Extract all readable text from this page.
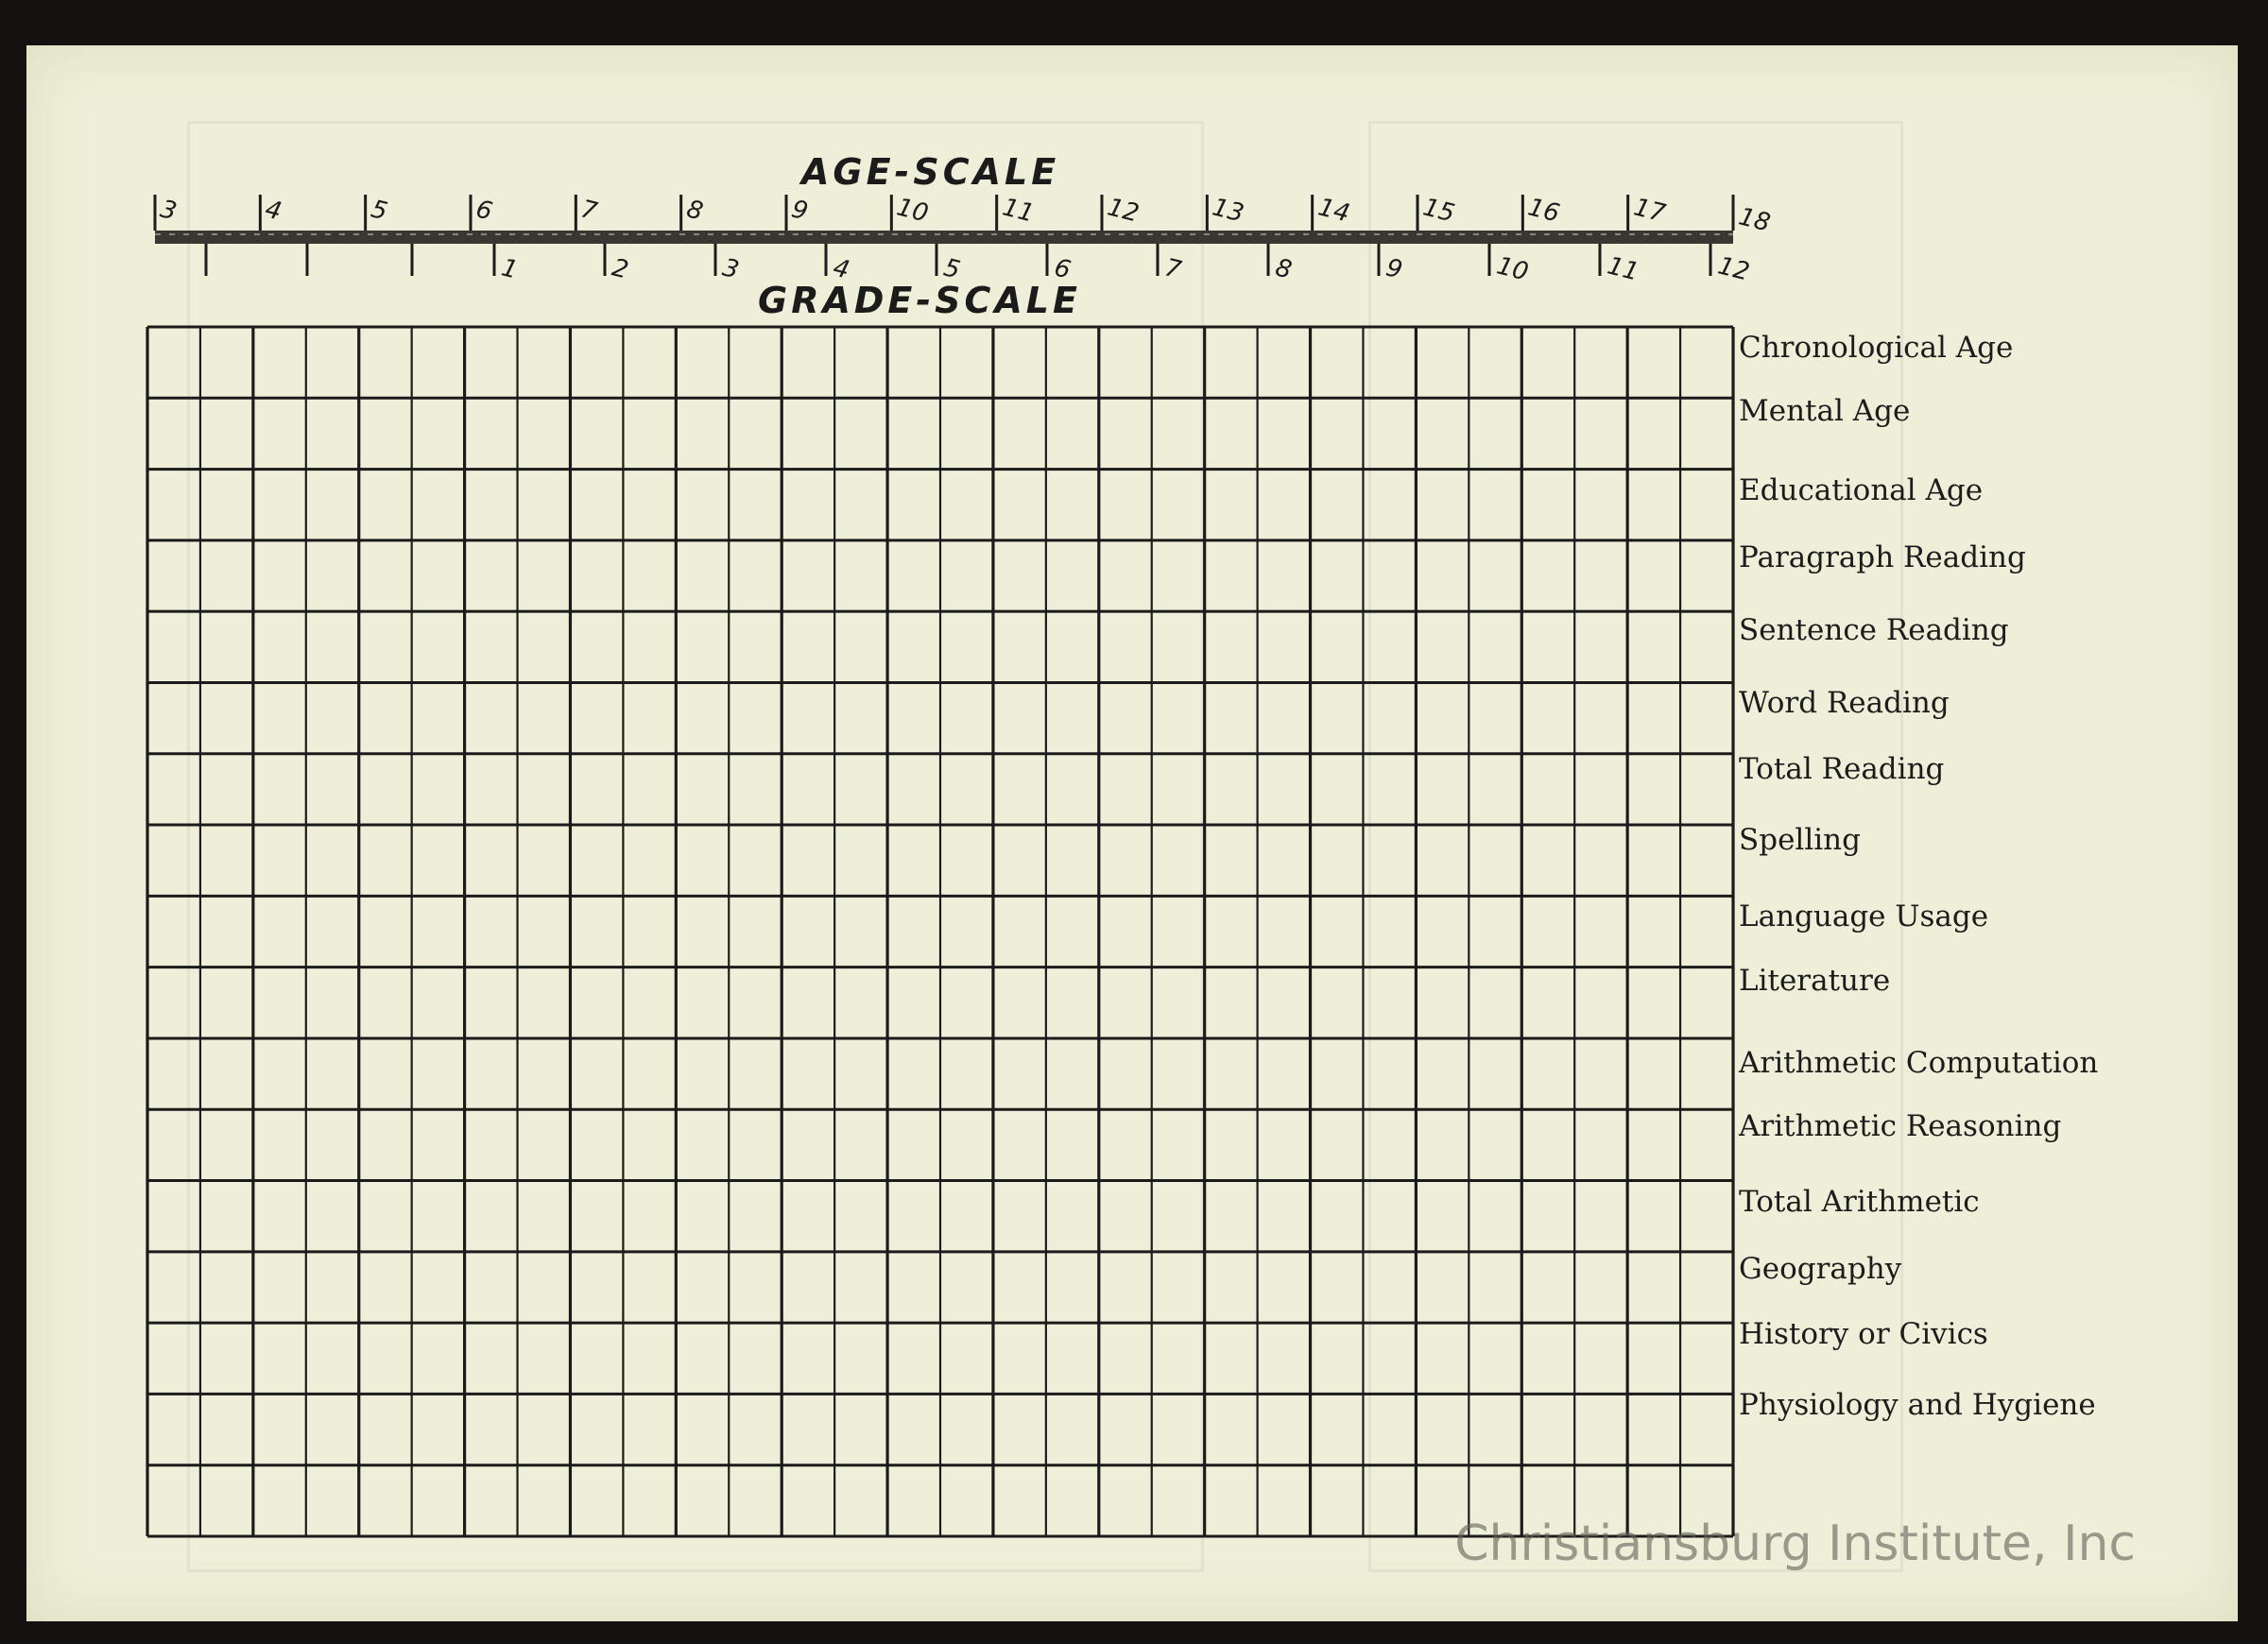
AGE-SCALE
GRADE-SCALE
3	4	5	6	7	8	9	10	11	12	13	14	15	16	17	18
1	2	3	4	5	6	7	8	9	10	11	12
Chronological Age
Mental Age
Educational Age
Paragraph Reading
Sentence Reading
Word Reading
Total Reading
Spelling
Language Usage
Literature
Arithmetic Computation
Arithmetic Reasoning
Total Arithmetic
Geography
History or Civics
Physiology and Hygiene
Christiansburg Institute, Inc
